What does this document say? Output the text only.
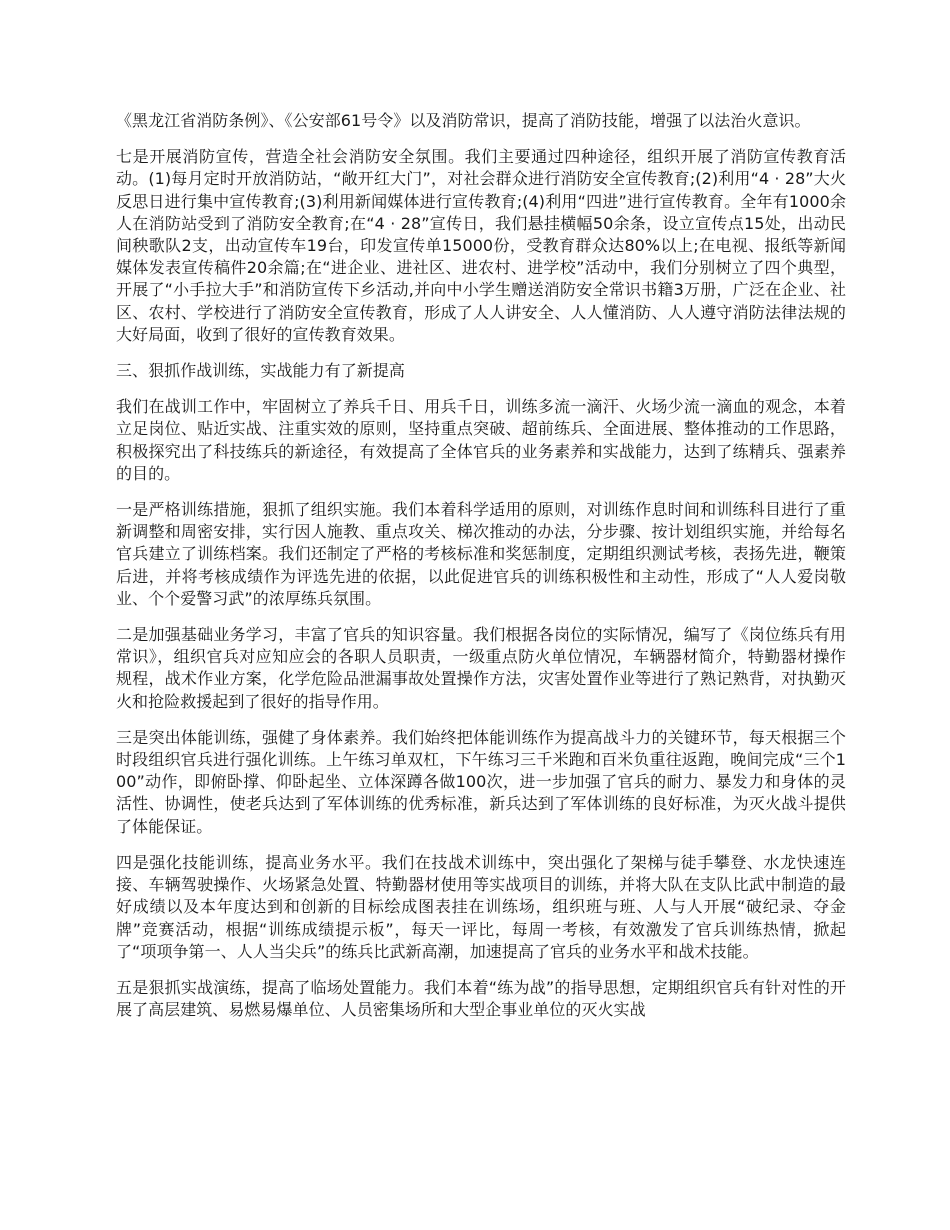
《黑龙江省消防条例》、《公安部61号令》以及消防常识，提高了消防技能，增强了以法治火意识。

七是开展消防宣传，营造全社会消防安全氛围。我们主要通过四种途径，组织开展了消防宣传教育活动。(1)每月定时开放消防站，“敞开红大门”，对社会群众进行消防安全宣传教育;(2)利用“4 · 28”大火反思日进行集中宣传教育;(3)利用新闻媒体进行宣传教育;(4)利用“四进”进行宣传教育。全年有1000余人在消防站受到了消防安全教育;在“4 · 28”宣传日，我们悬挂横幅50余条，设立宣传点15处，出动民间秧歌队2支，出动宣传车19台，印发宣传单15000份，受教育群众达80%以上;在电视、报纸等新闻媒体发表宣传稿件20余篇;在“进企业、进社区、进农村、进学校”活动中，我们分别树立了四个典型，开展了“小手拉大手”和消防宣传下乡活动,并向中小学生赠送消防安全常识书籍3万册，广泛在企业、社区、农村、学校进行了消防安全宣传教育，形成了人人讲安全、人人懂消防、人人遵守消防法律法规的大好局面，收到了很好的宣传教育效果。

三、狠抓作战训练，实战能力有了新提高

我们在战训工作中，牢固树立了养兵千日、用兵千日，训练多流一滴汗、火场少流一滴血的观念，本着立足岗位、贴近实战、注重实效的原则，坚持重点突破、超前练兵、全面进展、整体推动的工作思路，积极探究出了科技练兵的新途径，有效提高了全体官兵的业务素养和实战能力，达到了练精兵、强素养的目的。

一是严格训练措施，狠抓了组织实施。我们本着科学适用的原则，对训练作息时间和训练科目进行了重新调整和周密安排，实行因人施教、重点攻关、梯次推动的办法，分步骤、按计划组织实施，并给每名官兵建立了训练档案。我们还制定了严格的考核标准和奖惩制度，定期组织测试考核，表扬先进，鞭策后进，并将考核成绩作为评选先进的依据，以此促进官兵的训练积极性和主动性，形成了“人人爱岗敬业、个个爱警习武”的浓厚练兵氛围。

二是加强基础业务学习，丰富了官兵的知识容量。我们根据各岗位的实际情况，编写了《岗位练兵有用常识》，组织官兵对应知应会的各职人员职责，一级重点防火单位情况，车辆器材简介，特勤器材操作规程，战术作业方案，化学危险品泄漏事故处置操作方法，灾害处置作业等进行了熟记熟背，对执勤灭火和抢险救援起到了很好的指导作用。

三是突出体能训练，强健了身体素养。我们始终把体能训练作为提高战斗力的关键环节，每天根据三个时段组织官兵进行强化训练。上午练习单双杠，下午练习三千米跑和百米负重往返跑，晚间完成“三个100”动作，即俯卧撑、仰卧起坐、立体深蹲各做100次，进一步加强了官兵的耐力、暴发力和身体的灵活性、协调性，使老兵达到了军体训练的优秀标准，新兵达到了军体训练的良好标准，为灭火战斗提供了体能保证。

四是强化技能训练，提高业务水平。我们在技战术训练中，突出强化了架梯与徒手攀登、水龙快速连接、车辆驾驶操作、火场紧急处置、特勤器材使用等实战项目的训练，并将大队在支队比武中制造的最好成绩以及本年度达到和创新的目标绘成图表挂在训练场，组织班与班、人与人开展“破纪录、夺金牌”竞赛活动，根据“训练成绩提示板”，每天一评比，每周一考核，有效激发了官兵训练热情，掀起了“项项争第一、人人当尖兵”的练兵比武新高潮，加速提高了官兵的业务水平和战术技能。

五是狠抓实战演练，提高了临场处置能力。我们本着“练为战”的指导思想，定期组织官兵有针对性的开展了高层建筑、易燃易爆单位、人员密集场所和大型企事业单位的灭火实战
